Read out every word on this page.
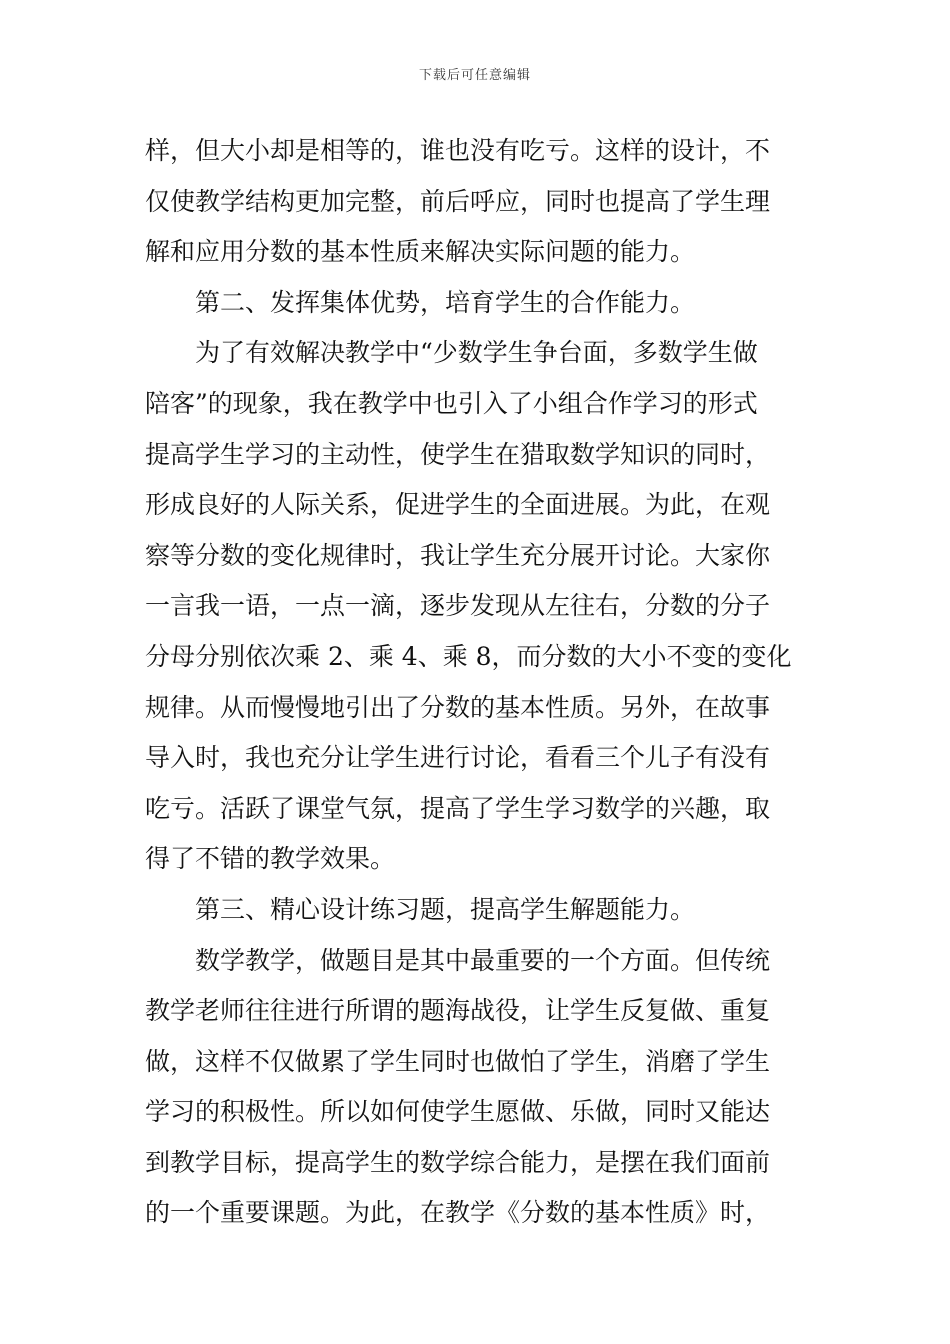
下载后可任意编辑
样，但大小却是相等的，谁也没有吃亏。这样的设计，不
仅使教学结构更加完整，前后呼应，同时也提高了学生理
解和应用分数的基本性质来解决实际问题的能力。
第二、发挥集体优势，培育学生的合作能力。
为了有效解决教学中“少数学生争台面，多数学生做
陪客”的现象，我在教学中也引入了小组合作学习的形式
提高学生学习的主动性，使学生在猎取数学知识的同时，
形成良好的人际关系，促进学生的全面进展。为此，在观
察等分数的变化规律时，我让学生充分展开讨论。大家你
一言我一语，一点一滴，逐步发现从左往右，分数的分子
分母分别依次乘 2、乘 4、乘 8，而分数的大小不变的变化
规律。从而慢慢地引出了分数的基本性质。另外，在故事
导入时，我也充分让学生进行讨论，看看三个儿子有没有
吃亏。活跃了课堂气氛，提高了学生学习数学的兴趣，取
得了不错的教学效果。
第三、精心设计练习题，提高学生解题能力。
数学教学，做题目是其中最重要的一个方面。但传统
教学老师往往进行所谓的题海战役，让学生反复做、重复
做，这样不仅做累了学生同时也做怕了学生，消磨了学生
学习的积极性。所以如何使学生愿做、乐做，同时又能达
到教学目标，提高学生的数学综合能力，是摆在我们面前
的一个重要课题。为此，在教学《分数的基本性质》时，
